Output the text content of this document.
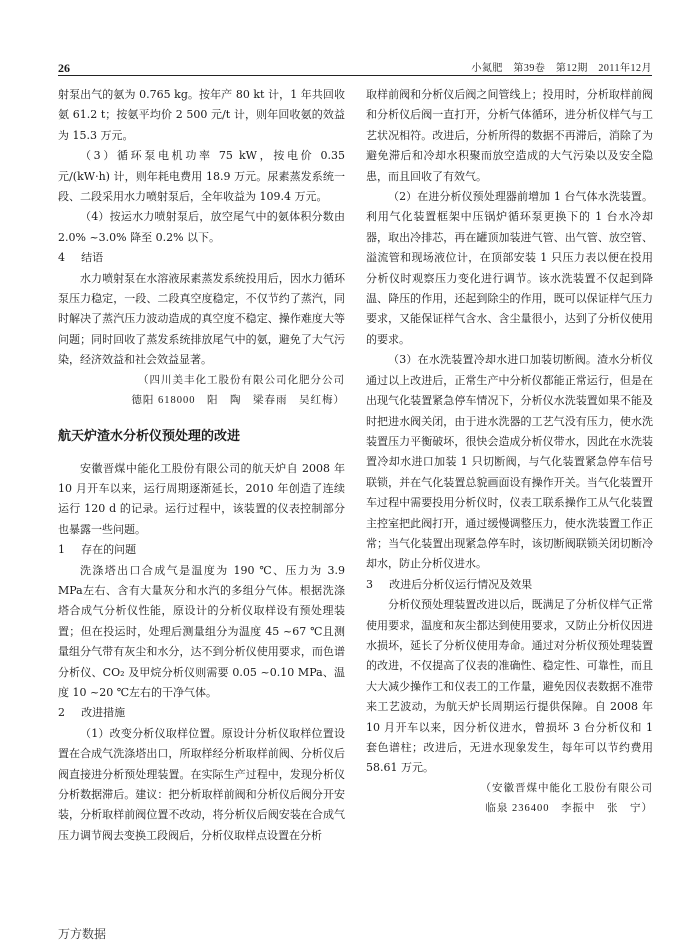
26	小氮肥　第39卷　第12期　2011年12月

射泵出气的氨为 0.765 kg。按年产 80 kt 计，1 年共回收氨 61.2 t；按氨平均价 2 500 元/t 计，则年回收氨的效益为 15.3 万元。

（3）循环泵电机功率 75 kW，按电价 0.35 元/(kW·h) 计，则年耗电费用 18.9 万元。尿素蒸发系统一段、二段采用水力喷射泵后，全年收益为 109.4 万元。

（4）按运水力喷射泵后，放空尾气中的氨体积分数由 2.0% ~3.0% 降至 0.2% 以下。

4 结语

水力喷射泵在水溶液尿素蒸发系统投用后，因水力循环泵压力稳定，一段、二段真空度稳定，不仅节约了蒸汽，同时解决了蒸汽压力波动造成的真空度不稳定、操作难度大等问题；同时回收了蒸发系统排放尾气中的氨，避免了大气污染，经济效益和社会效益显著。

（四川美丰化工股份有限公司化肥分公司

德阳 618000　阳　陶　梁春雨　吴红梅）

航天炉渣水分析仪预处理的改进

安徽晋煤中能化工股份有限公司的航天炉自 2008 年 10 月开车以来，运行周期逐渐延长，2010 年创造了连续运行 120 d 的记录。运行过程中，该装置的仪表控制部分也暴露一些问题。

1 存在的问题

洗涤塔出口合成气是温度为 190 ℃、压力为 3.9 MPa左右、含有大量灰分和水汽的多组分气体。根据洗涤塔合成气分析仪性能，原设计的分析仪取样设有预处理装置；但在投运时，处理后测量组分为温度 45 ~67 ℃且测量组分气带有灰尘和水分，达不到分析仪使用要求，而色谱分析仪、CO₂ 及甲烷分析仪则需要 0.05 ~0.10 MPa、温度 10 ~20 ℃左右的干净气体。

2 改进措施

（1）改变分析仪取样位置。原设计分析仪取样位置设置在合成气洗涤塔出口，所取样经分析取样前阀、分析仪后阀直接进分析预处理装置。在实际生产过程中，发现分析仪分析数据滞后。建议：把分析取样前阀和分析仪后阀分开安装，分析取样前阀位置不改动，将分析仪后阀安装在合成气压力调节阀去变换工段阀后，分析仪取样点设置在分析

取样前阀和分析仪后阀之间管线上；投用时，分析取样前阀和分析仪后阀一直打开，分析气体循环，进分析仪样气与工艺状况相符。改进后，分析所得的数据不再滞后，消除了为避免滞后和冷却水积聚而放空造成的大气污染以及安全隐患，而且回收了有效气。

（2）在进分析仪预处理器前增加 1 台气体水洗装置。利用气化装置框架中压锅炉循环泵更换下的 1 台水冷却器，取出冷排芯，再在罐顶加装进气管、出气管、放空管、溢流管和现场液位计，在顶部安装 1 只压力表以便在投用分析仪时观察压力变化进行调节。该水洗装置不仅起到降温、降压的作用，还起到除尘的作用，既可以保证样气压力要求，又能保证样气含水、含尘量很小，达到了分析仪使用的要求。

（3）在水洗装置冷却水进口加装切断阀。渣水分析仪通过以上改进后，正常生产中分析仪都能正常运行，但是在出现气化装置紧急停车情况下，分析仪水洗装置如果不能及时把进水阀关闭，由于进水洗器的工艺气没有压力，使水洗装置压力平衡破坏，很快会造成分析仪带水，因此在水洗装置冷却水进口加装 1 只切断阀，与气化装置紧急停车信号联锁，并在气化装置总貌画面设有操作开关。当气化装置开车过程中需要投用分析仪时，仪表工联系操作工从气化装置主控室把此阀打开，通过缓慢调整压力，使水洗装置工作正常；当气化装置出现紧急停车时，该切断阀联锁关闭切断冷却水，防止分析仪进水。

3 改进后分析仪运行情况及效果

分析仪预处理装置改进以后，既满足了分析仪样气正常使用要求，温度和灰尘都达到使用要求，又防止分析仪因进水损坏，延长了分析仪使用寿命。通过对分析仪预处理装置的改进，不仅提高了仪表的准确性、稳定性、可靠性，而且大大减少操作工和仪表工的工作量，避免因仪表数据不准带来工艺波动，为航天炉长周期运行提供保障。自 2008 年 10 月开车以来，因分析仪进水，曾损坏 3 台分析仪和 1 套色谱柱；改进后，无进水现象发生，每年可以节约费用 58.61 万元。

（安徽晋煤中能化工股份有限公司

临泉 236400　李振中　张　宁）

万方数据
